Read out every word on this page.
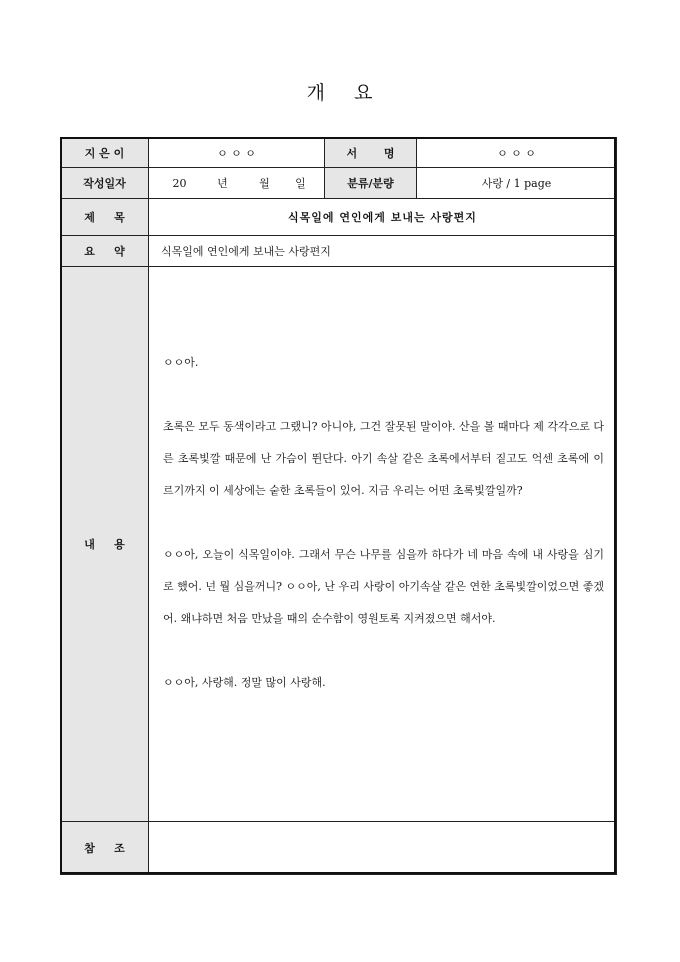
개    요
지 은 이	ㅇ ㅇ ㅇ	서       명	ㅇ ㅇ ㅇ
작성일자	20 년 월 일	분류/분량	사랑 / 1 page
제     목	식목일에 연인에게 보내는 사랑편지		
요     약	식목일에 연인에게 보내는 사랑편지		
내     용	ㅇㅇ아.

초록은 모두 동색이라고 그랬니? 아니야, 그건 잘못된 말이야. 산을 볼 때마다 제 각각으로 다른 초록빛깔 때문에 난 가슴이 뛴단다. 아기 속살 같은 초록에서부터 짙고도 억센 초록에 이르기까지 이 세상에는 숱한 초록들이 있어. 지금 우리는 어떤 초록빛깔일까?

ㅇㅇ아, 오늘이 식목일이야. 그래서 무슨 나무를 심을까 하다가 네 마음 속에 내 사랑을 심기로 했어. 넌 뭘 심을꺼니? ㅇㅇ아, 난 우리 사랑이 아기속살 같은 연한 초록빛깔이었으면 좋겠어. 왜냐하면 처음 만났을 때의 순수함이 영원토록 지켜졌으면 해서야.

ㅇㅇ아, 사랑해. 정말 많이 사랑해.		

참     조			
